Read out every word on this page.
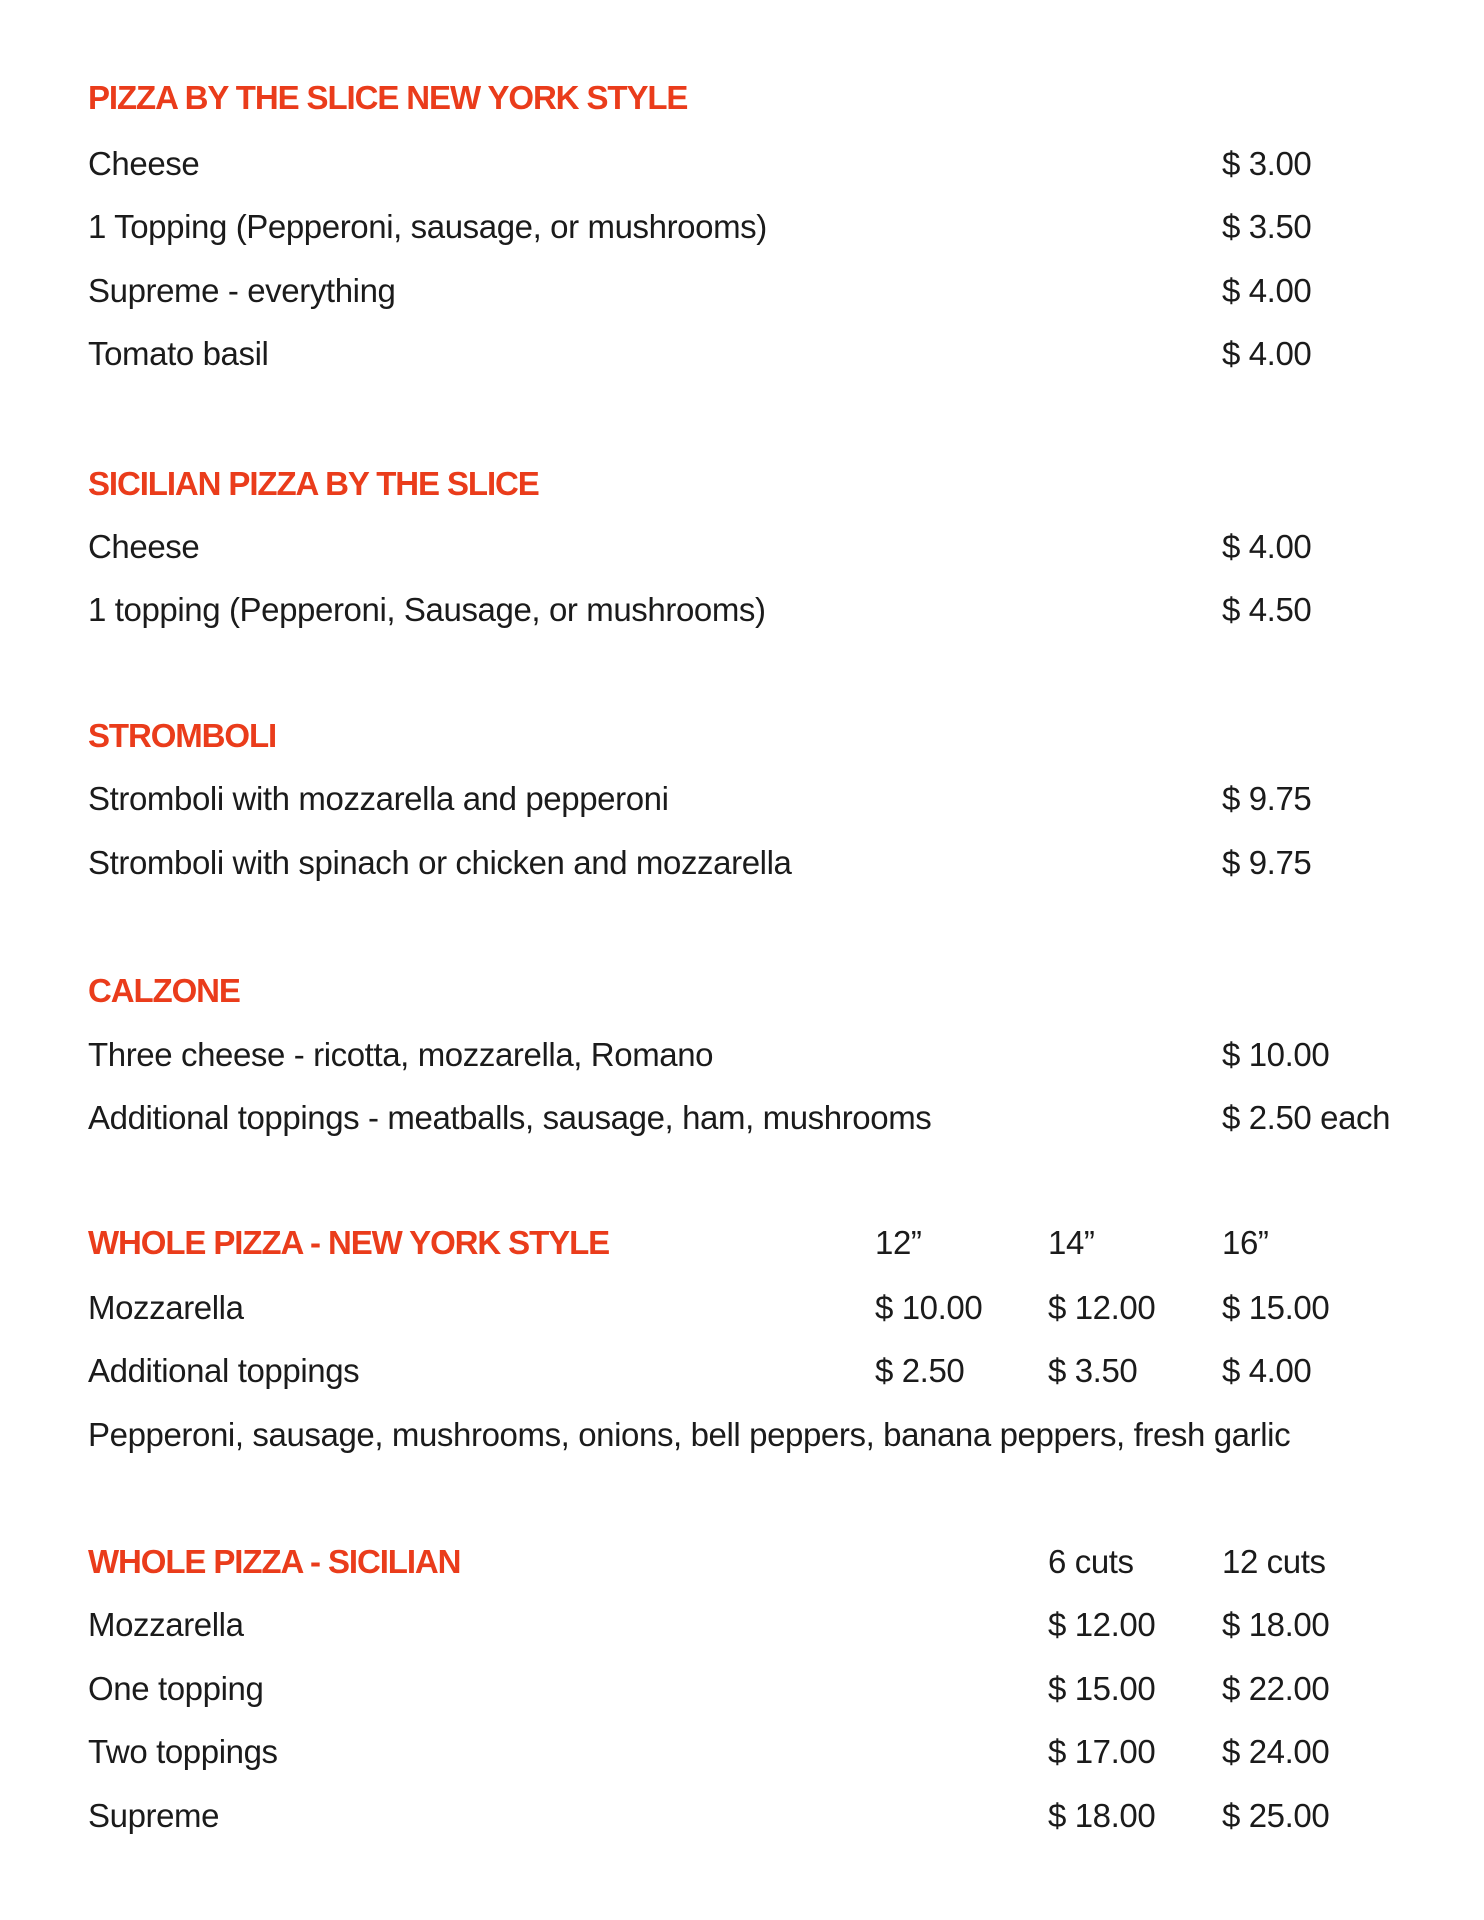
PIZZA BY THE SLICE NEW YORK STYLE
Cheese	$ 3.00
1 Topping (Pepperoni, sausage, or mushrooms)	$ 3.50
Supreme - everything	$ 4.00
Tomato basil	$ 4.00
SICILIAN PIZZA BY THE SLICE
Cheese	$ 4.00
1 topping (Pepperoni, Sausage, or mushrooms)	$ 4.50
STROMBOLI
Stromboli with mozzarella and pepperoni	$ 9.75
Stromboli with spinach or chicken and mozzarella	$ 9.75
CALZONE
Three cheese - ricotta, mozzarella, Romano	$ 10.00
Additional toppings - meatballs, sausage, ham, mushrooms	$ 2.50 each
WHOLE PIZZA - NEW YORK STYLE	12”	14”	16”
Mozzarella	$ 10.00 $ 12.00 $ 15.00
Additional toppings	$ 2.50	$ 3.50	$ 4.00
Pepperoni, sausage, mushrooms, onions, bell peppers, banana peppers, fresh garlic
WHOLE PIZZA - SICILIAN	6 cuts	12 cuts
Mozzarella	$ 12.00 $ 18.00
One topping	$ 15.00 $ 22.00
Two toppings	$ 17.00 $ 24.00
Supreme	$ 18.00 $ 25.00
